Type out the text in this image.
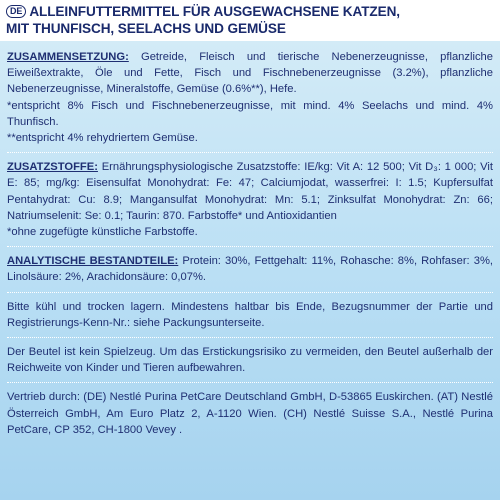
DE ALLEINFUTTERMITTEL FÜR AUSGEWACHSENE KATZEN,
MIT THUNFISCH, SEELACHS UND GEMÜSE

ZUSAMMENSETZUNG: Getreide, Fleisch und tierische Nebenerzeugnisse, pflanzliche Eiweißextrakte, Öle und Fette, Fisch und Fischnebenerzeugnisse (3.2%), pflanzliche Nebenerzeugnisse, Mineralstoffe, Gemüse (0.6%**), Hefe.

*entspricht 8% Fisch und Fischnebenerzeugnisse, mit mind. 4% Seelachs und mind. 4% Thunfisch.

**entspricht 4% rehydriertem Gemüse.

ZUSATZSTOFFE: Ernährungsphysiologische Zusatzstoffe: IE/kg: Vit A: 12 500; Vit D₃: 1 000; Vit E: 85; mg/kg: Eisensulfat Monohydrat: Fe: 47; Calciumjodat, wasserfrei: I: 1.5; Kupfersulfat Pentahydrat: Cu: 8.9; Mangansulfat Monohydrat: Mn: 5.1; Zinksulfat Monohydrat: Zn: 66; Natriumselenit: Se: 0.1; Taurin: 870. Farbstoffe* und Antioxidantien

*ohne zugefügte künstliche Farbstoffe.

ANALYTISCHE BESTANDTEILE: Protein: 30%, Fettgehalt: 11%, Rohasche: 8%, Rohfaser: 3%, Linolsäure: 2%, Arachidonsäure: 0,07%.

Bitte kühl und trocken lagern. Mindestens haltbar bis Ende, Bezugsnummer der Partie und Registrierungs-Kenn-Nr.: siehe Packungsunterseite.

Der Beutel ist kein Spielzeug. Um das Erstickungsrisiko zu vermeiden, den Beutel außerhalb der Reichweite von Kinder und Tieren aufbewahren.

Vertrieb durch: (DE) Nestlé Purina PetCare Deutschland GmbH, D-53865 Euskirchen. (AT) Nestlé Österreich GmbH, Am Euro Platz 2, A-1120 Wien. (CH) Nestlé Suisse S.A., Nestlé Purina PetCare, CP 352, CH-1800 Vevey .
